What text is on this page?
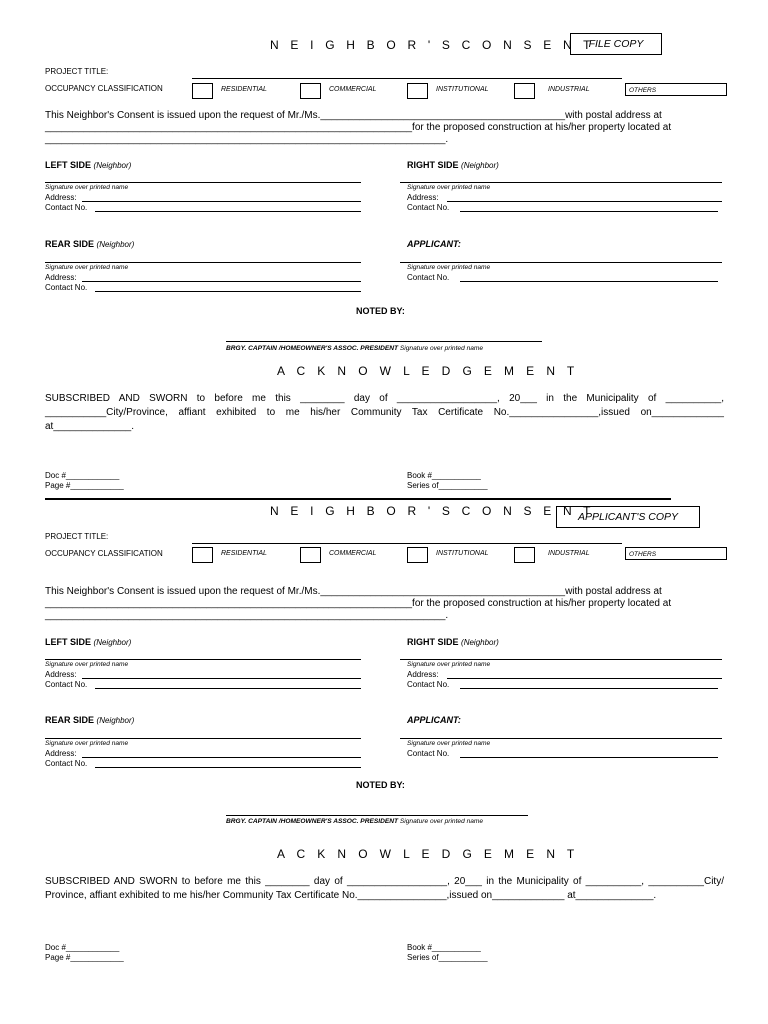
N E I G H B O R ' S C O N S E N T
FILE COPY
PROJECT TITLE:
OCCUPANCY CLASSIFICATION	RESIDENTIAL	COMMERCIAL	INSTITUTIONAL	INDUSTRIAL	OTHERS
This Neighbor's Consent is issued upon the request of Mr./Ms.____________________________________________with postal address at
__________________________________________________________________for the proposed construction at his/her property located at
________________________________________________________________________.
LEFT SIDE (Neighbor)
Signature over printed name
Address:
Contact No.
RIGHT SIDE (Neighbor)
Signature over printed name
Address:
Contact No.
REAR SIDE (Neighbor)
Signature over printed name
Address:
Contact No.
APPLICANT:
Signature over printed name
Contact No.
NOTED BY:
BRGY. CAPTAIN /HOMEOWNER'S ASSOC. PRESIDENT Signature over printed name
A C K N O W L E D G E M E N T
SUBSCRIBED AND SWORN to before me this ________ day of __________________, 20___ in the Municipality of __________, ___________City/Province, affiant exhibited to me his/her Community Tax Certificate No.________________,issued on_____________ at______________.
Doc #____________
Page #____________
Book #___________
Series of___________
N E I G H B O R ' S C O N S E N T
APPLICANT'S COPY
PROJECT TITLE:
OCCUPANCY CLASSIFICATION	RESIDENTIAL	COMMERCIAL	INSTITUTIONAL	INDUSTRIAL	OTHERS
This Neighbor's Consent is issued upon the request of Mr./Ms.____________________________________________with postal address at
__________________________________________________________________for the proposed construction at his/her property located at
________________________________________________________________________.
LEFT SIDE (Neighbor)
Signature over printed name
Address:
Contact No.
RIGHT SIDE (Neighbor)
Signature over printed name
Address:
Contact No.
REAR SIDE (Neighbor)
Signature over printed name
Address:
Contact No.
APPLICANT:
Signature over printed name
Contact No.
NOTED BY:
BRGY. CAPTAIN /HOMEOWNER'S ASSOC. PRESIDENT Signature over printed name
A C K N O W L E D G E M E N T
SUBSCRIBED AND SWORN to before me this ________ day of __________________, 20___ in the Municipality of __________, __________City/ Province, affiant exhibited to me his/her Community Tax Certificate No.________________,issued on_____________ at______________.
Doc #____________
Page #____________
Book #___________
Series of___________
